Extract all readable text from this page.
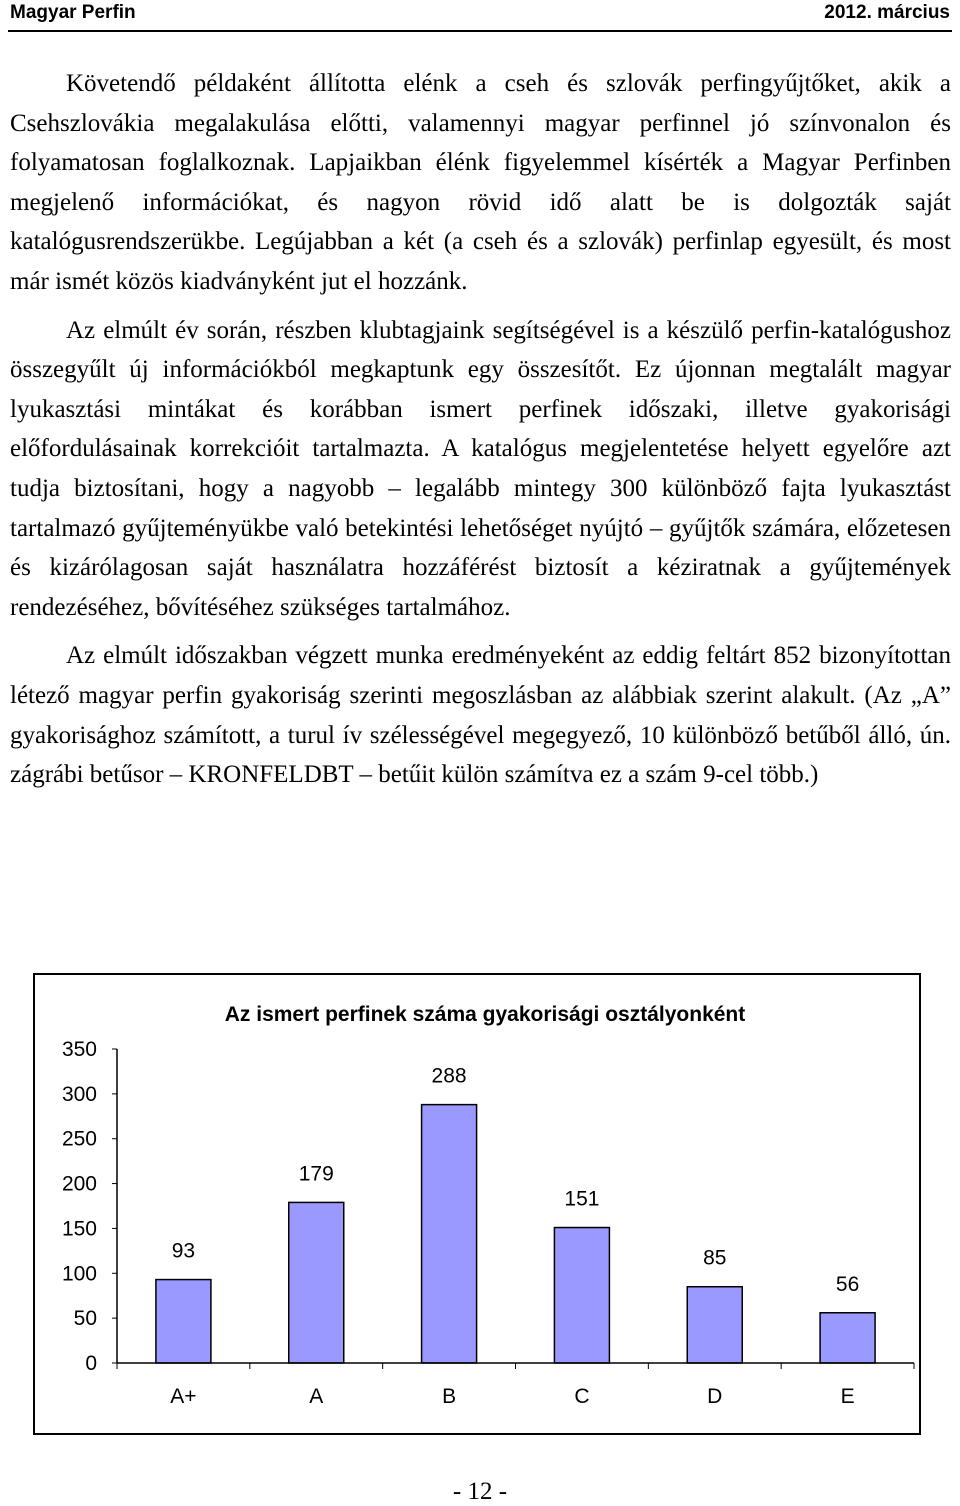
Magyar Perfin	2012. március

Követendő példaként állította elénk a cseh és szlovák perfingyűjtőket, akik a Csehszlovákia megalakulása előtti, valamennyi magyar perfinnel jó színvonalon és folyamatosan foglalkoznak. Lapjaikban élénk figyelemmel kísérték a Magyar Perfinben megjelenő információkat, és nagyon rövid idő alatt be is dolgozták saját katalógusrendszerükbe. Legújabban a két (a cseh és a szlovák) perfinlap egyesült, és most már ismét közös kiadványként jut el hozzánk.

Az elmúlt év során, részben klubtagjaink segítségével is a készülő perfin-katalógushoz összegyűlt új információkból megkaptunk egy összesítőt. Ez újonnan megtalált magyar lyukasztási mintákat és korábban ismert perfinek időszaki, illetve gyakorisági előfordulásainak korrekcióit tartalmazta. A katalógus megjelentetése helyett egyelőre azt tudja biztosítani, hogy a nagyobb – legalább mintegy 300 különböző fajta lyukasztást tartalmazó gyűjteményükbe való betekintési lehetőséget nyújtó – gyűjtők számára, előzetesen és kizárólagosan saját használatra hozzáférést biztosít a kéziratnak a gyűjtemények rendezéséhez, bővítéséhez szükséges tartalmához.

Az elmúlt időszakban végzett munka eredményeként az eddig feltárt 852 bizonyítottan létező magyar perfin gyakoriság szerinti megoszlásban az alábbiak szerint alakult. (Az „A” gyakorisághoz számított, a turul ív szélességével megegyező, 10 különböző betűből álló, ún. zágrábi betűsor – KRONFELDBT – betűit külön számítva ez a szám 9-cel több.)

Az ismert perfinek száma gyakorisági osztályonként
0
50
100
150
200
250
300
350
93
179
288
151
85
56
A+	A	B	C	D	E
- 12 -
